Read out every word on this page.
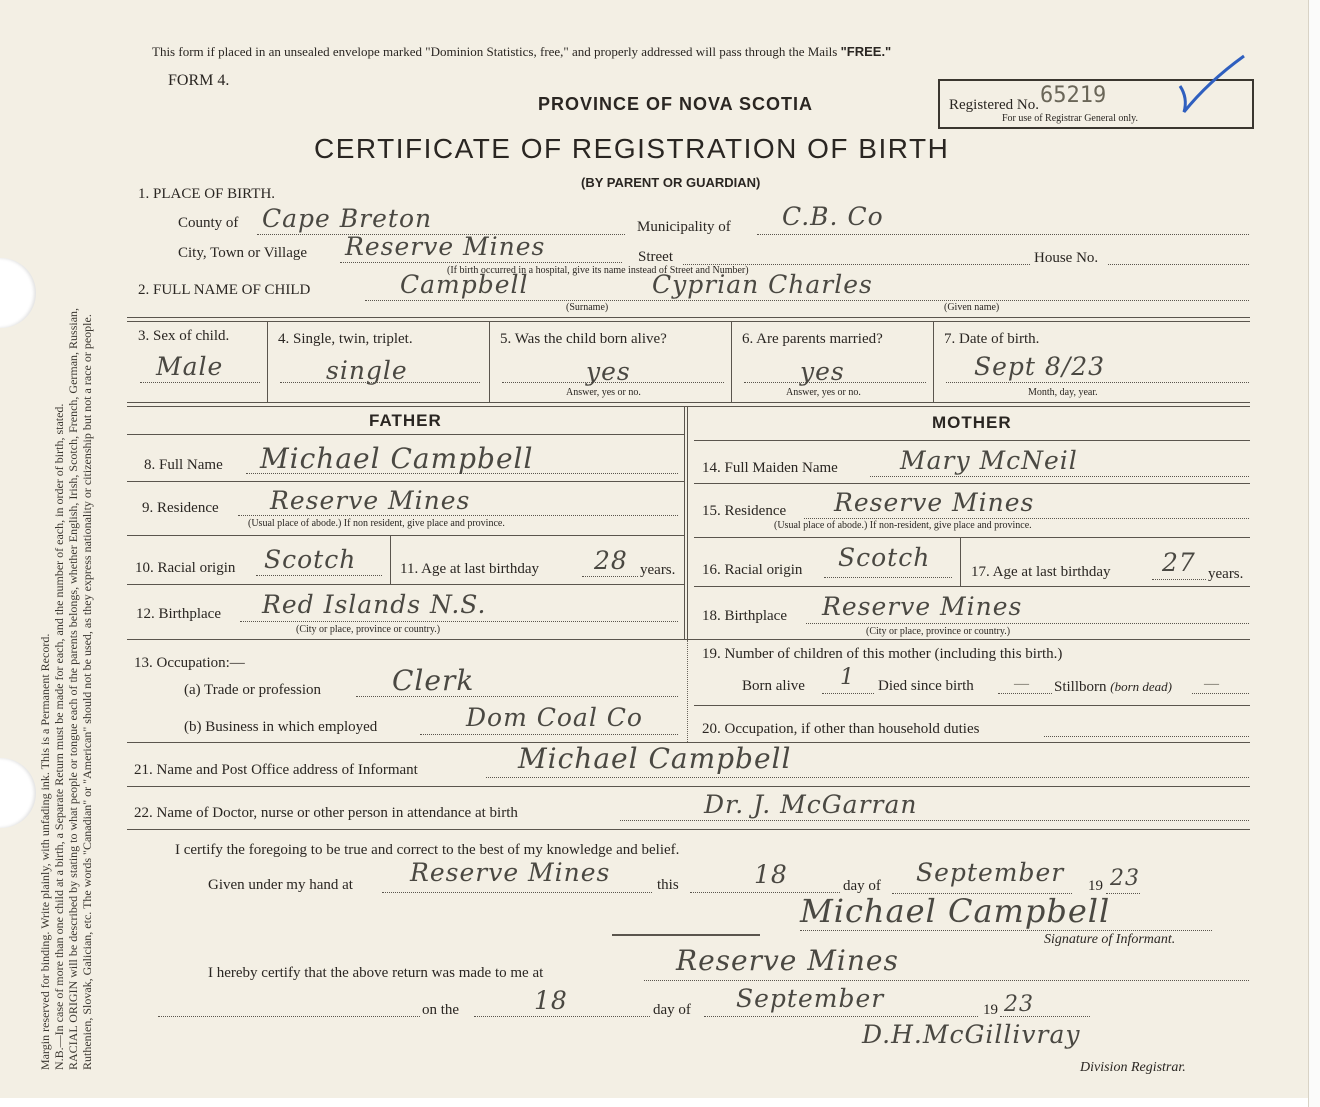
Margin reserved for binding. Write plainly, with unfading ink. This is a Permanent Record. N.B.—In case of more than one child at a birth, a Separate Return must be made for each, and the number of each, in order of birth, stated. RACIAL ORIGIN will be described by stating to what people or tongue each of the parents belongs, whether English, Irish, Scotch, French, German, Russian, Ruthenien, Slovak, Galician, etc. The words "Canadian" or "American" should not be used, as they express nationality or citizenship but not a race or people.
This form if placed in an unsealed envelope marked "Dominion Statistics, free," and properly addressed will pass through the Mails "FREE."
FORM 4.
PROVINCE OF NOVA SCOTIA	Registered No. 65219
For use of Registrar General only.
CERTIFICATE OF REGISTRATION OF BIRTH
(BY PARENT OR GUARDIAN)
1. PLACE OF BIRTH.
County of Cape Breton	Municipality of C.B. Co
City, Town or Village Reserve Mines	Street	House No.
(If birth occurred in a hospital, give its name instead of Street and Number)
2. FULL NAME OF CHILD	Campbell	Cyprian Charles
(Surname)	(Given name)
3. Sex of child.
Male
4. Single, twin, triplet.
single
5. Was the child born alive?
yes
Answer, yes or no.
6. Are parents married?
yes
Answer, yes or no.
7. Date of birth.
Sept 8/23
Month, day, year.
FATHER	MOTHER
8. Full Name Michael Campbell	14. Full Maiden Name Mary McNeil
9. Residence Reserve Mines
(Usual place of abode.) If non resident, give place and province.
15. Residence Reserve Mines
(Usual place of abode.) If non-resident, give place and province.
10. Racial origin Scotch	11. Age at last birthday 28 years. 16. Racial origin Scotch	17. Age at last birthday 27 years.
12. Birthplace Red Islands N.S.
(City or place, province or country.)
18. Birthplace Reserve Mines
(City or place, province or country.)
13. Occupation:—
(a) Trade or profession	Clerk
(b) Business in which employed	Dom Coal Co
19. Number of children of this mother (including this birth.)
Born alive 1 Died since birth	— Stillborn (born dead) —
20. Occupation, if other than household duties
21. Name and Post Office address of Informant	Michael Campbell
22. Name of Doctor, nurse or other person in attendance at birth	Dr. J. McGarran
I certify the foregoing to be true and correct to the best of my knowledge and belief.
Given under my hand at Reserve Mines	this	18	day of September 19 23
Michael Campbell
Signature of Informant.
I hereby certify that the above return was made to me at	Reserve Mines
on the	18	day of September	19 23
D.H.McGillivray
Division Registrar.
